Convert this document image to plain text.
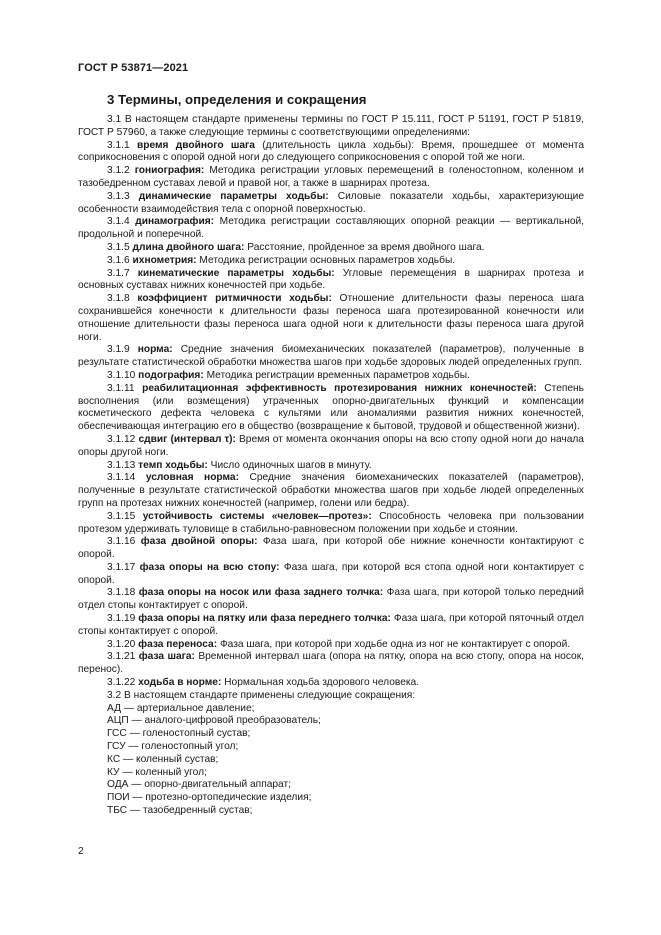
ГОСТ Р 53871—2021
3 Термины, определения и сокращения

3.1 В настоящем стандарте применены термины по ГОСТ Р 15.111, ГОСТ Р 51191, ГОСТ Р 51819, ГОСТ Р 57960, а также следующие термины с соответствующими определениями:

3.1.1 время двойного шага (длительность цикла ходьбы): Время, прошедшее от момента соприкосновения с опорой одной ноги до следующего соприкосновения с опорой той же ноги.

3.1.2 гониография: Методика регистрации угловых перемещений в голеностопном, коленном и тазобедренном суставах левой и правой ног, а также в шарнирах протеза.

3.1.3 динамические параметры ходьбы: Силовые показатели ходьбы, характеризующие особенности взаимодействия тела с опорной поверхностью.

3.1.4 динамография: Методика регистрации составляющих опорной реакции — вертикальной, продольной и поперечной.

3.1.5 длина двойного шага: Расстояние, пройденное за время двойного шага.

3.1.6 ихнометрия: Методика регистрации основных параметров ходьбы.

3.1.7 кинематические параметры ходьбы: Угловые перемещения в шарнирах протеза и основных суставах нижних конечностей при ходьбе.

3.1.8 коэффициент ритмичности ходьбы: Отношение длительности фазы переноса шага сохранившейся конечности к длительности фазы переноса шага протезированной конечности или отношение длительности фазы переноса шага одной ноги к длительности фазы переноса шага другой ноги.

3.1.9 норма: Средние значения биомеханических показателей (параметров), полученные в результате статистической обработки множества шагов при ходьбе здоровых людей определенных групп.

3.1.10 подография: Методика регистрации временных параметров ходьбы.

3.1.11 реабилитационная эффективность протезирования нижних конечностей: Степень восполнения (или возмещения) утраченных опорно-двигательных функций и компенсации косметического дефекта человека с культями или аномалиями развития нижних конечностей, обеспечивающая интеграцию его в общество (возвращение к бытовой, трудовой и общественной жизни).

3.1.12 сдвиг (интервал τ): Время от момента окончания опоры на всю стопу одной ноги до начала опоры другой ноги.

3.1.13 темп ходьбы: Число одиночных шагов в минуту.

3.1.14 условная норма: Средние значения биомеханических показателей (параметров), полученные в результате статистической обработки множества шагов при ходьбе людей определенных групп на протезах нижних конечностей (например, голени или бедра).

3.1.15 устойчивость системы «человек—протез»: Способность человека при пользовании протезом удерживать туловище в стабильно-равновесном положении при ходьбе и стоянии.

3.1.16 фаза двойной опоры: Фаза шага, при которой обе нижние конечности контактируют с опорой.

3.1.17 фаза опоры на всю стопу: Фаза шага, при которой вся стопа одной ноги контактирует с опорой.

3.1.18 фаза опоры на носок или фаза заднего толчка: Фаза шага, при которой только передний отдел стопы контактирует с опорой.

3.1.19 фаза опоры на пятку или фаза переднего толчка: Фаза шага, при которой пяточный отдел стопы контактирует с опорой.

3.1.20 фаза переноса: Фаза шага, при которой при ходьбе одна из ног не контактирует с опорой.

3.1.21 фаза шага: Временной интервал шага (опора на пятку, опора на всю стопу, опора на носок, перенос).

3.1.22 ходьба в норме: Нормальная ходьба здорового человека.

3.2 В настоящем стандарте применены следующие сокращения:

АД — артериальное давление;

АЦП — аналого-цифровой преобразователь;

ГСС — голеностопный сустав;

ГСУ — голеностопный угол;

КС — коленный сустав;

КУ — коленный угол;

ОДА — опорно-двигательный аппарат;

ПОИ — протезно-ортопедические изделия;

ТБС — тазобедренный сустав;

2
